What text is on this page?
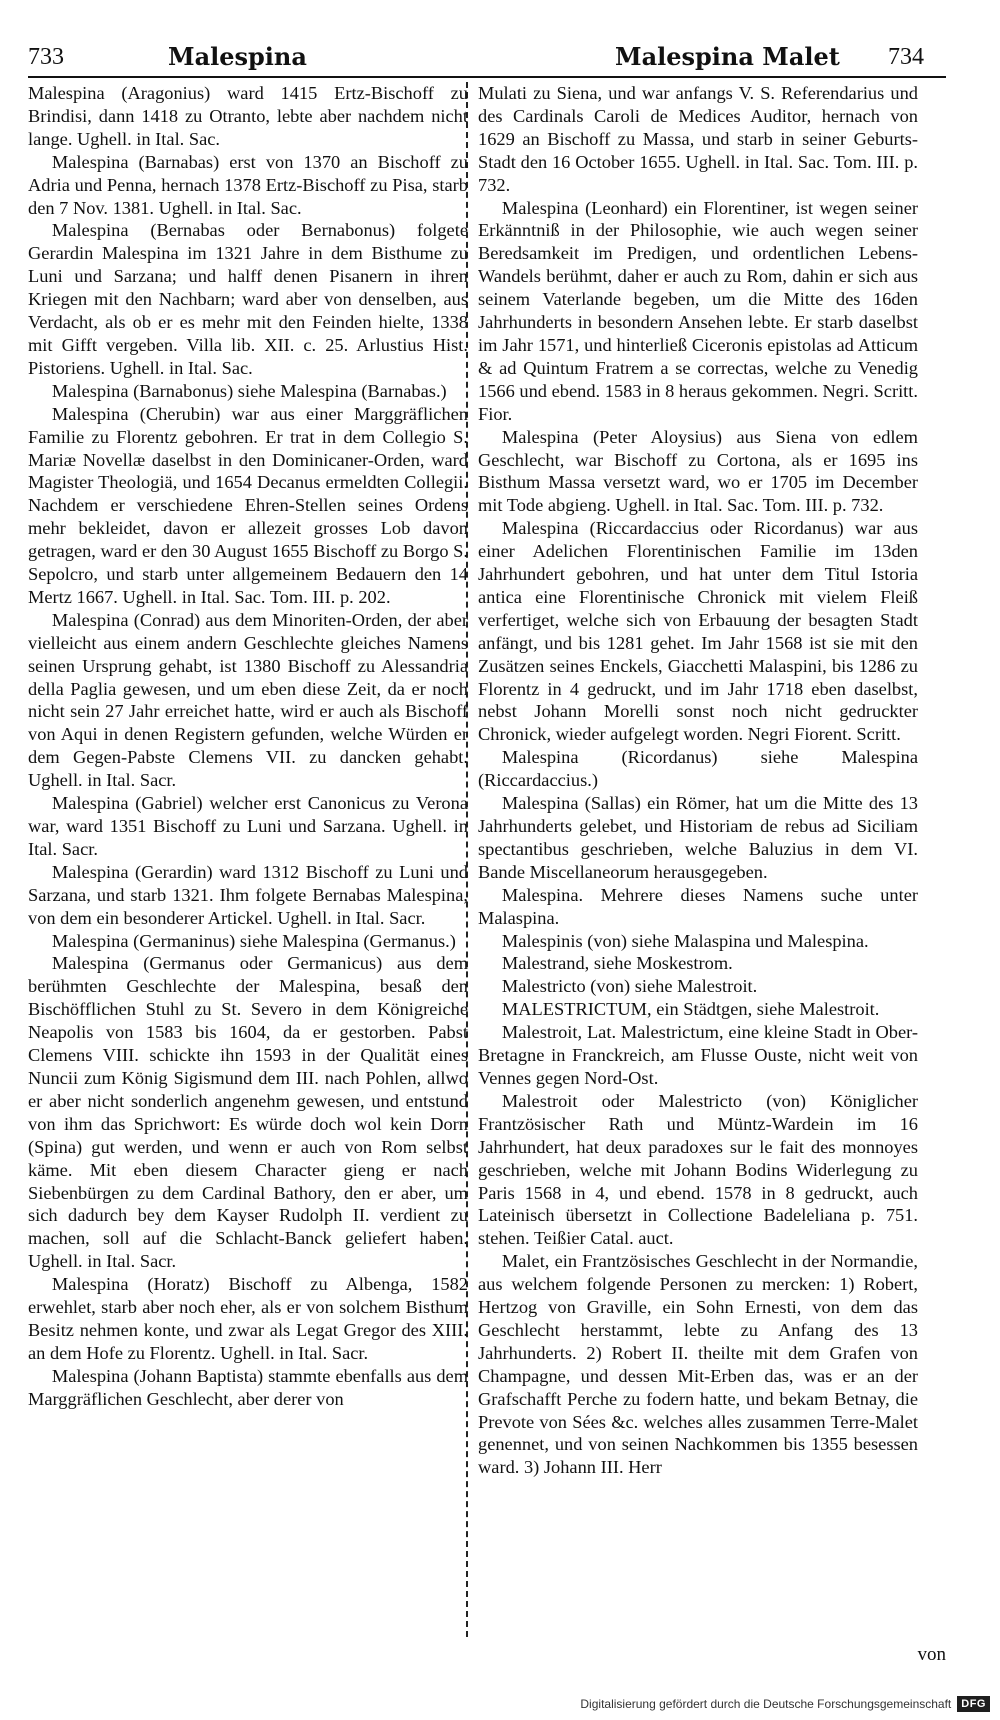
733	Malespina	Malespina Malet 734

Malespina (Aragonius) ward 1415 Ertz-Bischoff zu Brindisi, dann 1418 zu Otranto, lebte aber nachdem nicht lange. Ughell. in Ital. Sac.

Malespina (Barnabas) erst von 1370 an Bischoff zu Adria und Penna, hernach 1378 Ertz-Bischoff zu Pisa, starb den 7 Nov. 1381. Ughell. in Ital. Sac.

Malespina (Bernabas oder Bernabonus) folgete Gerardin Malespina im 1321 Jahre in dem Bisthume zu Luni und Sarzana; und halff denen Pisanern in ihren Kriegen mit den Nachbarn; ward aber von denselben, aus Verdacht, als ob er es mehr mit den Feinden hielte, 1338 mit Gifft vergeben. Villa lib. XII. c. 25. Arlustius Hist. Pistoriens. Ughell. in Ital. Sac.

Malespina (Barnabonus) siehe Malespina (Barnabas.)

Malespina (Cherubin) war aus einer Marggräflichen Familie zu Florentz gebohren. Er trat in dem Collegio S. Mariæ Novellæ daselbst in den Dominicaner-Orden, ward Magister Theologiä, und 1654 Decanus ermeldten Collegii. Nachdem er verschiedene Ehren-Stellen seines Ordens mehr bekleidet, davon er allezeit grosses Lob davon getragen, ward er den 30 August 1655 Bischoff zu Borgo S. Sepolcro, und starb unter allgemeinem Bedauern den 14 Mertz 1667. Ughell. in Ital. Sac. Tom. III. p. 202.

Malespina (Conrad) aus dem Minoriten-Orden, der aber vielleicht aus einem andern Geschlechte gleiches Namens seinen Ursprung gehabt, ist 1380 Bischoff zu Alessandria della Paglia gewesen, und um eben diese Zeit, da er noch nicht sein 27 Jahr erreichet hatte, wird er auch als Bischoff von Aqui in denen Registern gefunden, welche Würden er dem Gegen-Pabste Clemens VII. zu dancken gehabt. Ughell. in Ital. Sacr.

Malespina (Gabriel) welcher erst Canonicus zu Verona war, ward 1351 Bischoff zu Luni und Sarzana. Ughell. in Ital. Sacr.

Malespina (Gerardin) ward 1312 Bischoff zu Luni und Sarzana, und starb 1321. Ihm folgete Bernabas Malespina, von dem ein besonderer Artickel. Ughell. in Ital. Sacr.

Malespina (Germaninus) siehe Malespina (Germanus.)

Malespina (Germanus oder Germanicus) aus dem berühmten Geschlechte der Malespina, besaß den Bischöfflichen Stuhl zu St. Severo in dem Königreiche Neapolis von 1583 bis 1604, da er gestorben. Pabst Clemens VIII. schickte ihn 1593 in der Qualität eines Nuncii zum König Sigismund dem III. nach Pohlen, allwo er aber nicht sonderlich angenehm gewesen, und entstund von ihm das Sprichwort: Es würde doch wol kein Dorn (Spina) gut werden, und wenn er auch von Rom selbst käme. Mit eben diesem Character gieng er nach Siebenbürgen zu dem Cardinal Bathory, den er aber, um sich dadurch bey dem Kayser Rudolph II. verdient zu machen, soll auf die Schlacht-Banck geliefert haben. Ughell. in Ital. Sacr.

Malespina (Horatz) Bischoff zu Albenga, 1582 erwehlet, starb aber noch eher, als er von solchem Bisthum Besitz nehmen konte, und zwar als Legat Gregor des XIII. an dem Hofe zu Florentz. Ughell. in Ital. Sacr.

Malespina (Johann Baptista) stammte ebenfalls aus dem Marggräflichen Geschlecht, aber derer von

Mulati zu Siena, und war anfangs V. S. Referendarius und des Cardinals Caroli de Medices Auditor, hernach von 1629 an Bischoff zu Massa, und starb in seiner Geburts-Stadt den 16 October 1655. Ughell. in Ital. Sac. Tom. III. p. 732.

Malespina (Leonhard) ein Florentiner, ist wegen seiner Erkänntniß in der Philosophie, wie auch wegen seiner Beredsamkeit im Predigen, und ordentlichen Lebens-Wandels berühmt, daher er auch zu Rom, dahin er sich aus seinem Vaterlande begeben, um die Mitte des 16den Jahrhunderts in besondern Ansehen lebte. Er starb daselbst im Jahr 1571, und hinterließ Ciceronis epistolas ad Atticum & ad Quintum Fratrem a se correctas, welche zu Venedig 1566 und ebend. 1583 in 8 heraus gekommen. Negri. Scritt. Fior.

Malespina (Peter Aloysius) aus Siena von edlem Geschlecht, war Bischoff zu Cortona, als er 1695 ins Bisthum Massa versetzt ward, wo er 1705 im December mit Tode abgieng. Ughell. in Ital. Sac. Tom. III. p. 732.

Malespina (Riccardaccius oder Ricordanus) war aus einer Adelichen Florentinischen Familie im 13den Jahrhundert gebohren, und hat unter dem Titul Istoria antica eine Florentinische Chronick mit vielem Fleiß verfertiget, welche sich von Erbauung der besagten Stadt anfängt, und bis 1281 gehet. Im Jahr 1568 ist sie mit den Zusätzen seines Enckels, Giacchetti Malaspini, bis 1286 zu Florentz in 4 gedruckt, und im Jahr 1718 eben daselbst, nebst Johann Morelli sonst noch nicht gedruckter Chronick, wieder aufgelegt worden. Negri Fiorent. Scritt.

Malespina (Ricordanus) siehe Malespina (Riccardaccius.)

Malespina (Sallas) ein Römer, hat um die Mitte des 13 Jahrhunderts gelebet, und Historiam de rebus ad Siciliam spectantibus geschrieben, welche Baluzius in dem VI. Bande Miscellaneorum herausgegeben.

Malespina. Mehrere dieses Namens suche unter Malaspina.

Malespinis (von) siehe Malaspina und Malespina.

Malestrand, siehe Moskestrom.

Malestricto (von) siehe Malestroit.

MALESTRICTUM, ein Städtgen, siehe Malestroit.

Malestroit, Lat. Malestrictum, eine kleine Stadt in Ober-Bretagne in Franckreich, am Flusse Ouste, nicht weit von Vennes gegen Nord-Ost.

Malestroit oder Malestricto (von) Königlicher Frantzösischer Rath und Müntz-Wardein im 16 Jahrhundert, hat deux paradoxes sur le fait des monnoyes geschrieben, welche mit Johann Bodins Widerlegung zu Paris 1568 in 4, und ebend. 1578 in 8 gedruckt, auch Lateinisch übersetzt in Collectione Badeleliana p. 751. stehen. Teißier Catal. auct.

Malet, ein Frantzösisches Geschlecht in der Normandie, aus welchem folgende Personen zu mercken: 1) Robert, Hertzog von Graville, ein Sohn Ernesti, von dem das Geschlecht herstammt, lebte zu Anfang des 13 Jahrhunderts. 2) Robert II. theilte mit dem Grafen von Champagne, und dessen Mit-Erben das, was er an der Grafschafft Perche zu fodern hatte, und bekam Betnay, die Prevote von Sées &c. welches alles zusammen Terre-Malet genennet, und von seinen Nachkommen bis 1355 besessen ward. 3) Johann III. Herr

von
Digitalisierung gefördert durch die Deutsche Forschungsgemeinschaft DFG
